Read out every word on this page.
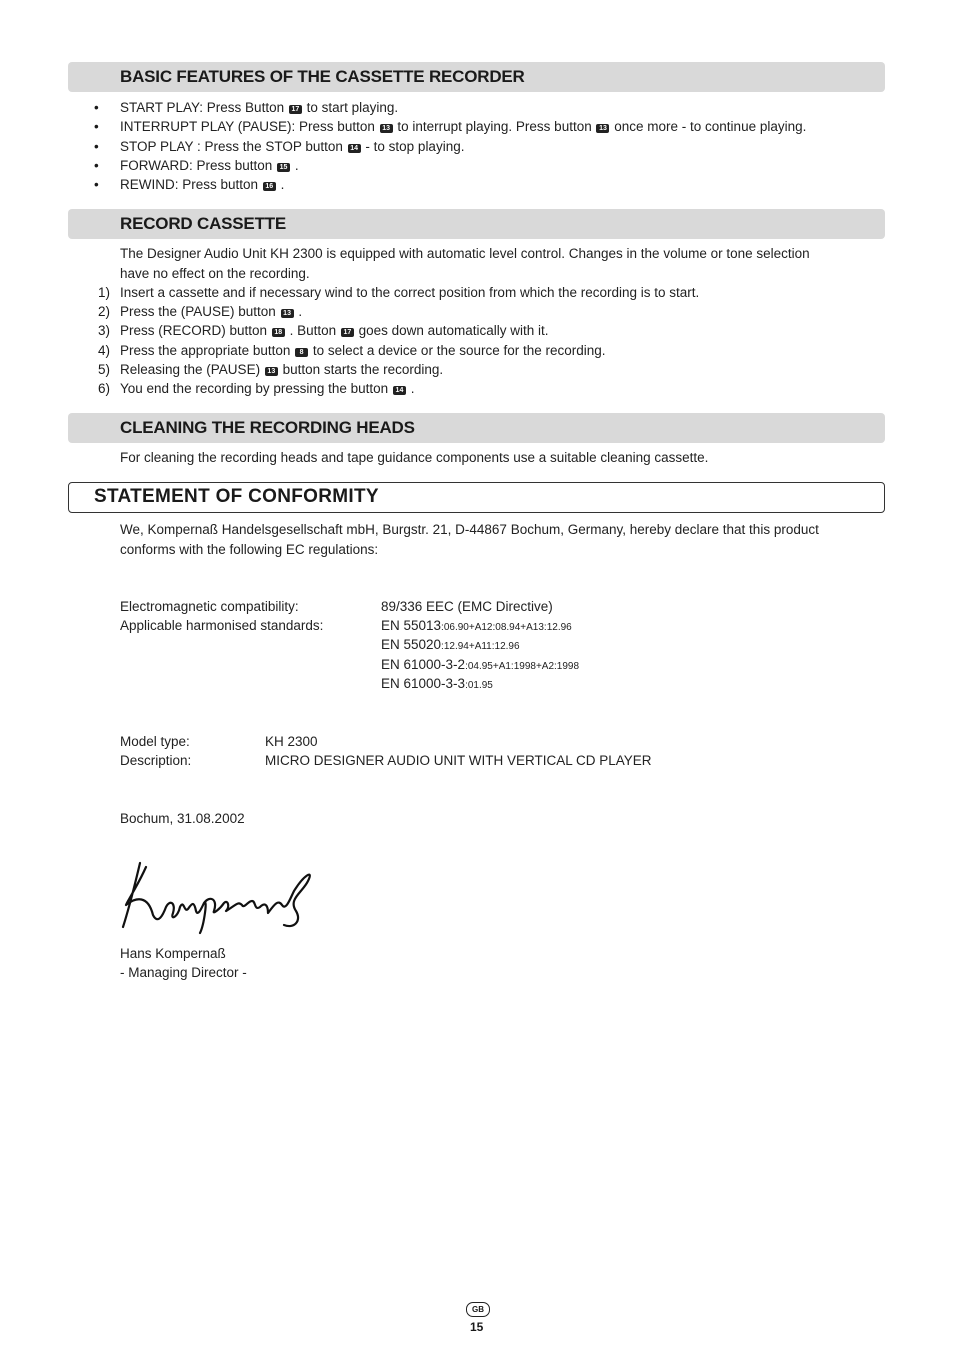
BASIC FEATURES OF THE CASSETTE RECORDER
• START PLAY: Press Button 17 to start playing.
• INTERRUPT PLAY (PAUSE): Press button 13 to interrupt playing. Press button 13 once more - to continue playing.
• STOP PLAY : Press the STOP button 14 - to stop playing.
• FORWARD: Press button 15 .
• REWIND: Press button 16 .
RECORD CASSETTE
The Designer Audio Unit KH 2300 is equipped with automatic level control. Changes in the volume or tone selection
have no effect on the recording.
1) Insert a cassette and if necessary wind to the correct position from which the recording is to start.
2) Press the (PAUSE) button 13 .
3) Press (RECORD) button 18 . Button 17 goes down automatically with it.
4) Press the appropriate button 8 to select a device or the source for the recording.
5) Releasing the (PAUSE) 13 button starts the recording.
6) You end the recording by pressing the button 14 .
CLEANING THE RECORDING HEADS
For cleaning the recording heads and tape guidance components use a suitable cleaning cassette.
STATEMENT OF CONFORMITY
We, Kompernaß Handelsgesellschaft mbH, Burgstr. 21, D-44867 Bochum, Germany, hereby declare that this product
conforms with the following EC regulations:
Electromagnetic compatibility:	89/336 EEC (EMC Directive)
Applicable harmonised standards:	EN 55013:06.90+A12:08.94+A13:12.96
EN 55020:12.94+A11:12.96
EN 61000-3-2:04.95+A1:1998+A2:1998
EN 61000-3-3:01.95
Model type:	KH 2300
Description:	MICRO DESIGNER AUDIO UNIT WITH VERTICAL CD PLAYER
Bochum, 31.08.2002
Hans Kompernaß
- Managing Director -
GB
15
